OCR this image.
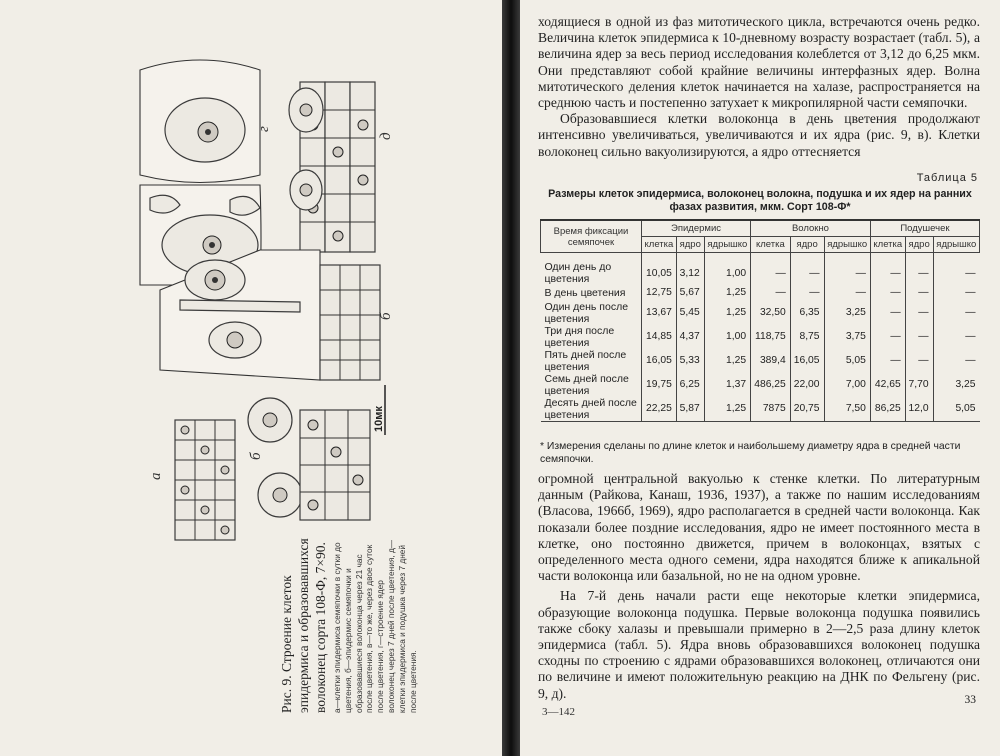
а
б
б
г
д
10мк
Рис. 9. Строение клеток эпидермиса и образовавшихся волоконец сорта 108-Ф, 7×90. а—клетки эпидермиса семяпочки в сутки до цветения, б—эпидермис семяпочки и образовавшиеся волоконца через 21 час после цветения, в—то же, через двое суток после цветения, г—строение ядер волоконец через 7 дней после цветения, д—клетки эпидермиса и подушка через 7 дней после цветения.

ходящиеся в одной из фаз митотического цикла, встречаются очень редко. Величина клеток эпидермиса к 10-дневному возрасту возрастает (табл. 5), а величина ядер за весь период исследования колеблется от 3,12 до 6,25 мкм. Они представляют собой крайние величины интерфазных ядер. Волна митотического деления клеток начинается на халазе, распространяется на среднюю часть и постепенно затухает к микропилярной части семяпочки.

Образовавшиеся клетки волоконца в день цветения продолжают интенсивно увеличиваться, увеличиваются и их ядра (рис. 9, в). Клетки волоконец сильно вакуолизируются, а ядро оттесняется

Таблица 5
Размеры клеток эпидермиса, волоконец волокна, подушка и их ядер на ранних фазах развития, мкм. Сорт 108-Ф*
Время фиксации семяпочек	Эпидермис			Волокно			Подушечек		
	клетка	ядро	ядрышко	клетка	ядро	ядрышко	клетка	ядро	ядрышко
Один день до цветения	10,05	3,12	1,00	—	—	—	—	—	—
В день цветения	12,75	5,67	1,25	—	—	—	—	—	—
Один день после цветения	13,67	5,45	1,25	32,50	6,35	3,25	—	—	—
Три дня после цветения	14,85	4,37	1,00	118,75	8,75	3,75	—	—	—
Пять дней после цветения	16,05	5,33	1,25	389,4	16,05	5,05	—	—	—
Семь дней после цветения	19,75	6,25	1,37	486,25	22,00	7,00	42,65	7,70	3,25
Десять дней после цветения	22,25	5,87	1,25	7875	20,75	7,50	86,25	12,0	5,05
* Измерения сделаны по длине клеток и наибольшему диаметру ядра в средней части семяпочки.

огромной центральной вакуолью к стенке клетки. По литературным данным (Райкова, Канаш, 1936, 1937), а также по нашим исследованиям (Власова, 1966б, 1969), ядро располагается в средней части волоконца. Как показали более поздние исследования, ядро не имеет постоянного места в клетке, оно постоянно движется, причем в волоконцах, взятых с определенного места одного семени, ядра находятся ближе к апикальной части волоконца или базальной, но не на одном уровне.

На 7-й день начали расти еще некоторые клетки эпидермиса, образующие волоконца подушка. Первые волоконца подушка появились также сбоку халазы и превышали примерно в 2—2,5 раза длину клеток эпидермиса (табл. 5). Ядра вновь образовавшихся волоконец подушка сходны по строению с ядрами образовавшихся волоконец, отличаются они по величине и имеют положительную реакцию на ДНК по Фельгену (рис. 9, д).

3—142
33
